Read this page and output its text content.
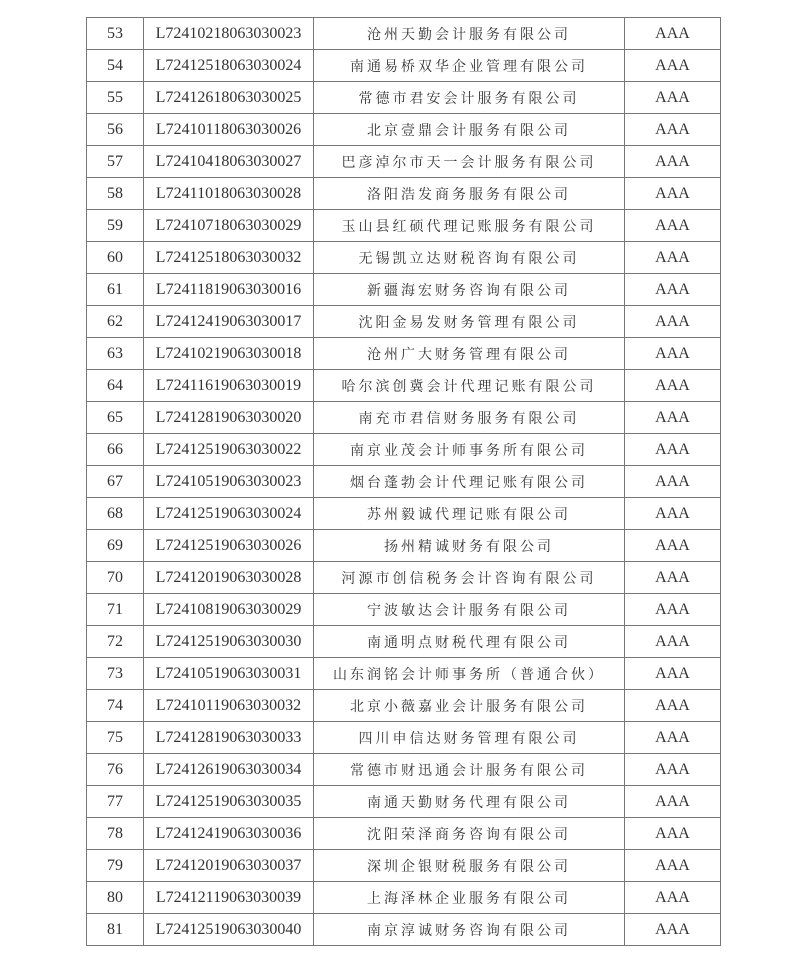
53	L72410218063030023	沧州天勤会计服务有限公司	AAA
54	L72412518063030024	南通易桥双华企业管理有限公司	AAA
55	L72412618063030025	常德市君安会计服务有限公司	AAA
56	L72410118063030026	北京壹鼎会计服务有限公司	AAA
57	L72410418063030027	巴彦淖尔市天一会计服务有限公司	AAA
58	L72411018063030028	洛阳浩发商务服务有限公司	AAA
59	L72410718063030029	玉山县红硕代理记账服务有限公司	AAA
60	L72412518063030032	无锡凯立达财税咨询有限公司	AAA
61	L72411819063030016	新疆海宏财务咨询有限公司	AAA
62	L72412419063030017	沈阳金易发财务管理有限公司	AAA
63	L72410219063030018	沧州广大财务管理有限公司	AAA
64	L72411619063030019	哈尔滨创冀会计代理记账有限公司	AAA
65	L72412819063030020	南充市君信财务服务有限公司	AAA
66	L72412519063030022	南京业茂会计师事务所有限公司	AAA
67	L72410519063030023	烟台蓬勃会计代理记账有限公司	AAA
68	L72412519063030024	苏州毅诚代理记账有限公司	AAA
69	L72412519063030026	扬州精诚财务有限公司	AAA
70	L72412019063030028	河源市创信税务会计咨询有限公司	AAA
71	L72410819063030029	宁波敏达会计服务有限公司	AAA
72	L72412519063030030	南通明点财税代理有限公司	AAA
73	L72410519063030031	山东润铭会计师事务所（普通合伙）	AAA
74	L72410119063030032	北京小薇嘉业会计服务有限公司	AAA
75	L72412819063030033	四川申信达财务管理有限公司	AAA
76	L72412619063030034	常德市财迅通会计服务有限公司	AAA
77	L72412519063030035	南通天勤财务代理有限公司	AAA
78	L72412419063030036	沈阳荣泽商务咨询有限公司	AAA
79	L72412019063030037	深圳企银财税服务有限公司	AAA
80	L72412119063030039	上海泽林企业服务有限公司	AAA
81	L72412519063030040	南京淳诚财务咨询有限公司	AAA
